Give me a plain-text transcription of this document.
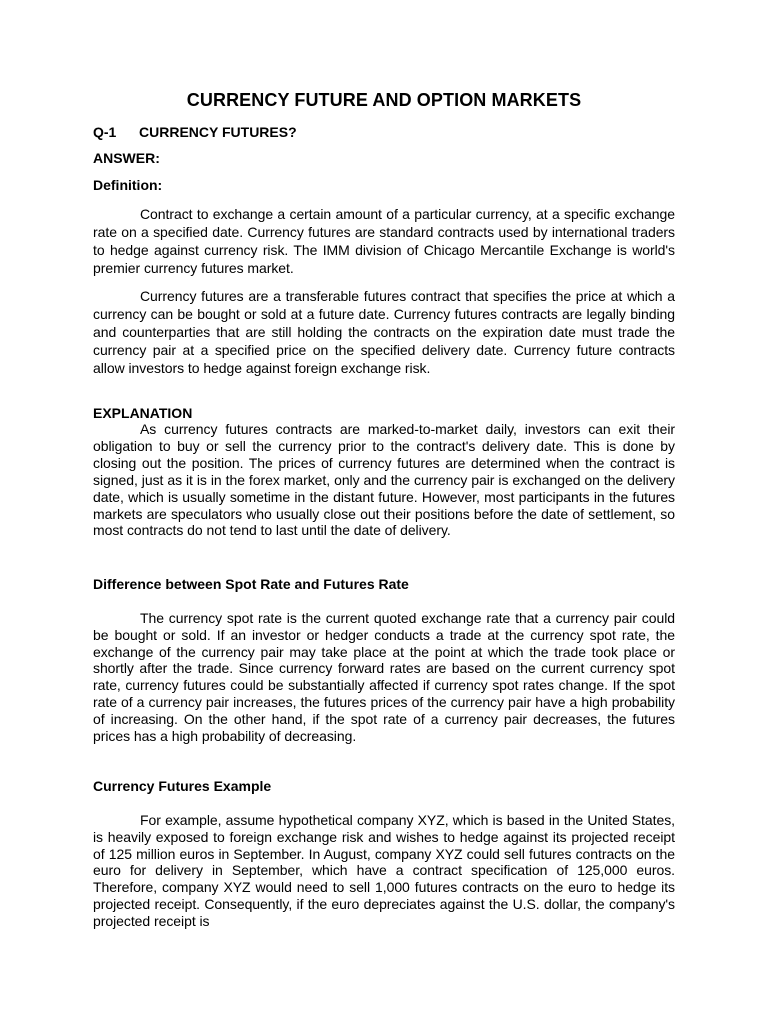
CURRENCY FUTURE AND OPTION MARKETS
Q-1 CURRENCY FUTURES?
ANSWER:
Definition:

Contract to exchange a certain amount of a particular currency, at a specific exchange rate on a specified date. Currency futures are standard contracts used by international traders to hedge against currency risk. The IMM division of Chicago Mercantile Exchange is world's premier currency futures market.

Currency futures are a transferable futures contract that specifies the price at which a currency can be bought or sold at a future date. Currency futures contracts are legally binding and counterparties that are still holding the contracts on the expiration date must trade the currency pair at a specified price on the specified delivery date. Currency future contracts allow investors to hedge against foreign exchange risk.

EXPLANATION

As currency futures contracts are marked-to-market daily, investors can exit their obligation to buy or sell the currency prior to the contract's delivery date. This is done by closing out the position. The prices of currency futures are determined when the contract is signed, just as it is in the forex market, only and the currency pair is exchanged on the delivery date, which is usually sometime in the distant future. However, most participants in the futures markets are speculators who usually close out their positions before the date of settlement, so most contracts do not tend to last until the date of delivery.

Difference between Spot Rate and Futures Rate

The currency spot rate is the current quoted exchange rate that a currency pair could be bought or sold. If an investor or hedger conducts a trade at the currency spot rate, the exchange of the currency pair may take place at the point at which the trade took place or shortly after the trade. Since currency forward rates are based on the current currency spot rate, currency futures could be substantially affected if currency spot rates change. If the spot rate of a currency pair increases, the futures prices of the currency pair have a high probability of increasing. On the other hand, if the spot rate of a currency pair decreases, the futures prices has a high probability of decreasing.

Currency Futures Example

For example, assume hypothetical company XYZ, which is based in the United States, is heavily exposed to foreign exchange risk and wishes to hedge against its projected receipt of 125 million euros in September. In August, company XYZ could sell futures contracts on the euro for delivery in September, which have a contract specification of 125,000 euros. Therefore, company XYZ would need to sell 1,000 futures contracts on the euro to hedge its projected receipt. Consequently, if the euro depreciates against the U.S. dollar, the company's projected receipt is
